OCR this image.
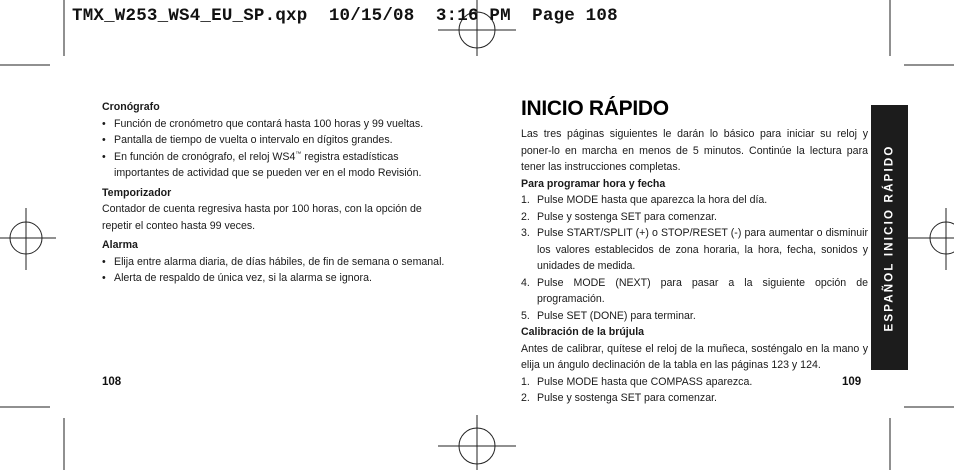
TMX_W253_WS4_EU_SP.qxp  10/15/08  3:16 PM  Page 108

Cronógrafo

• Función de cronómetro que contará hasta 100 horas y 99 vueltas.
• Pantalla de tiempo de vuelta o intervalo en dígitos grandes.
• En función de cronógrafo, el reloj WS4™ registra estadísticas importantes de actividad que se pueden ver en el modo Revisión.

Temporizador

Contador de cuenta regresiva hasta por 100 horas, con la opción de repetir el conteo hasta 99 veces.

Alarma

• Elija entre alarma diaria, de días hábiles, de fin de semana o semanal.
• Alerta de respaldo de única vez, si la alarma se ignora.
108
INICIO RÁPIDO

Las tres páginas siguientes le darán lo básico para iniciar su reloj y poner-lo en marcha en menos de 5 minutos. Continúe la lectura para tener las instrucciones completas.

Para programar hora y fecha

1. Pulse MODE hasta que aparezca la hora del día.
2. Pulse y sostenga SET para comenzar.
3. Pulse START/SPLIT (+) o STOP/RESET (-) para aumentar o disminuir los valores establecidos de zona horaria, la hora, fecha, sonidos y unidades de medida.
4. Pulse MODE (NEXT) para pasar a la siguiente opción de programación.
5. Pulse SET (DONE) para terminar.

Calibración de la brújula

Antes de calibrar, quítese el reloj de la muñeca, sosténgalo en la mano y elija un ángulo declinación de la tabla en las páginas 123 y 124.

1. Pulse MODE hasta que COMPASS aparezca.
2. Pulse y sostenga SET para comenzar.
109
ESPAÑOL INICIO RÁPIDO
